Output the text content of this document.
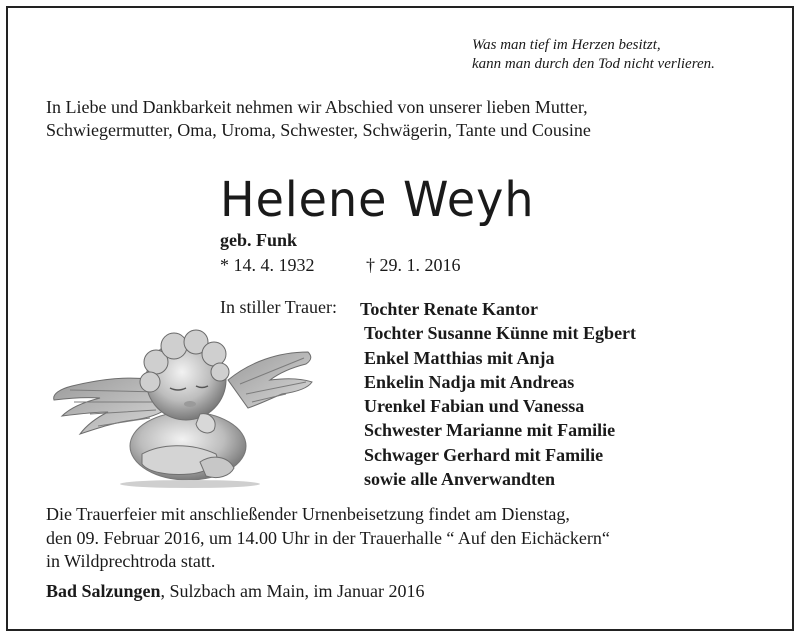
Was man tief im Herzen besitzt,
kann man durch den Tod nicht verlieren.
In Liebe und Dankbarkeit nehmen wir Abschied von unserer lieben Mutter,
Schwiegermutter, Oma, Uroma, Schwester, Schwägerin, Tante und Cousine
Helene Weyh
geb. Funk
* 14. 4. 1932	† 29. 1. 2016
In stiller Trauer: Tochter Renate Kantor
Tochter Susanne Künne mit Egbert
Enkel Matthias mit Anja
Enkelin Nadja mit Andreas
Urenkel Fabian und Vanessa
Schwester Marianne mit Familie
Schwager Gerhard mit Familie
sowie alle Anverwandten
Die Trauerfeier mit anschließender Urnenbeisetzung findet am Dienstag,
den 09. Februar 2016, um 14.00 Uhr in der Trauerhalle “ Auf den Eichäckern“
in Wildprechtroda statt.
Bad Salzungen, Sulzbach am Main, im Januar 2016
